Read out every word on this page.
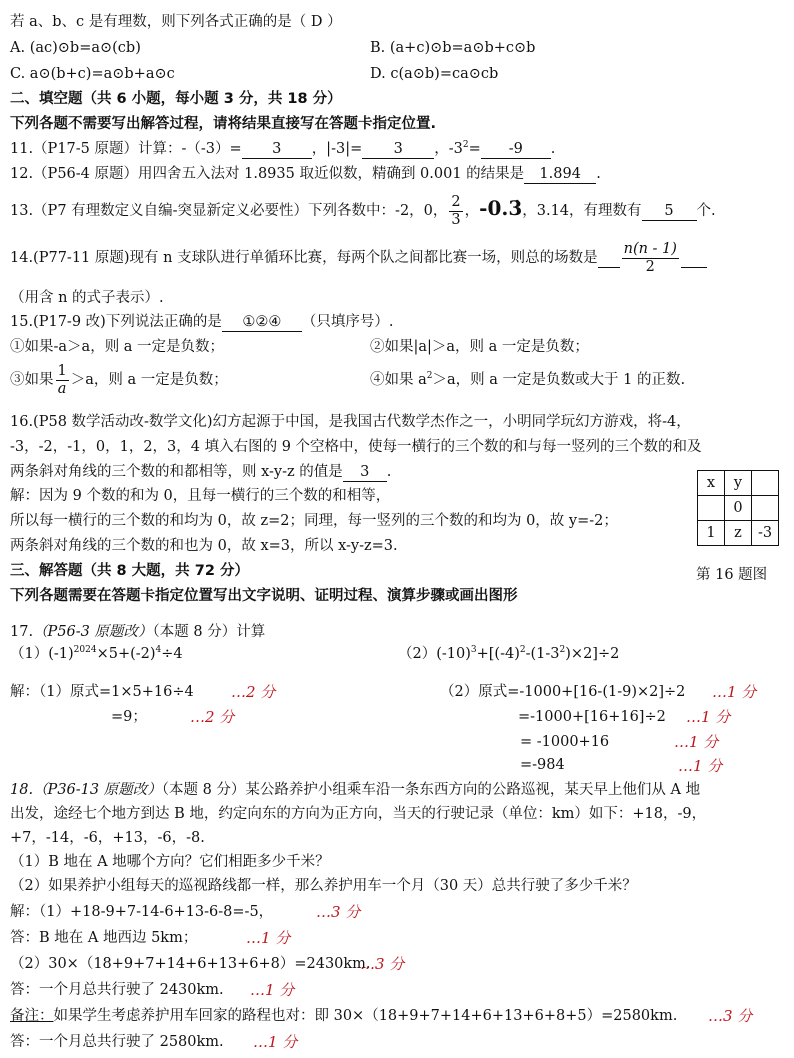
若 a、b、c 是有理数，则下列各式正确的是（ D ）
A. (ac)⊙b=a⊙(cb)	B. (a+c)⊙b=a⊙b+c⊙b
C. a⊙(b+c)=a⊙b+a⊙c	D. c(a⊙b)=ca⊙cb
二、填空题（共 6 小题，每小题 3 分，共 18 分）
下列各题不需要写出解答过程，请将结果直接写在答题卡指定位置.
11.（P17-5 原题）计算：-（-3）= 3 ，|-3|= 3 ，$-3^2= -9$ .
12.（P56-4 原题）用四舍五入法对 1.8935 取近似数，精确到 0.001 的结果是 1.894 .
13.（P7 有理数定义自编-突显新定义必要性）下列各数中：-2，0， $\frac{2}{3}$ ，-0.3̇，3.14，有理数有 5 个.
14.(P77-11 原题)现有 n 支球队进行单循环比赛，每两个队之间都比赛一场，则总的场数是 $\frac{n(n - 1)}{2}$

（用含 n 的式子表示）.
15.(P17-9 改)下列说法正确的是 ①②④ （只填序号）.
①如果-a＞a，则 a 一定是负数；	②如果|a|＞a，则 a 一定是负数；
③如果 $\frac{1}{a} >a$，则 a 一定是负数；	④如果 $a^2>a$，则 a 一定是负数或大于 1 的正数.
16.(P58 数学活动改-数学文化)幻方起源于中国，是我国古代数学杰作之一，小明同学玩幻方游戏，将-4，
-3，-2，-1，0，1，2，3，4 填入右图的 9 个空格中，使每一横行的三个数的和与每一竖列的三个数的和及
两条斜对角线的三个数的和都相等，则 x-y-z 的值是 3 .
解：因为 9 个数的和为 0，且每一横行的三个数的和相等，
所以每一横行的三个数的和均为 0，故 z=2；同理，每一竖列的三个数的和均为 0，故 y=-2；
两条斜对角线的三个数的和也为 0，故 x=3，所以 x-y-z=3.
x	y	
	0	
1	z	-3
第 16 题图
三、解答题（共 8 大题，共 72 分）
下列各题需要在答题卡指定位置写出文字说明、证明过程、演算步骤或画出图形
17.（P56-3 原题改）（本题 8 分）计算
$(1)(-1)^{2024}\times 5+(-2)^4\div 4$	$(2)(-10)^3+[(-4)^2-(1-3^2)\times 2]\div 2$
解：（1）原式=1×5+16÷4 …2 分
=9；	…2 分
（2）原式=-1000+[16-(1-9)×2]÷2 …1 分
=-1000+[16+16]÷2 …1 分
= -1000+16	…1 分
=-984	…1 分
18.（P36-13 原题改）（本题 8 分）某公路养护小组乘车沿一条东西方向的公路巡视，某天早上他们从 A 地
出发，途经七个地方到达 B 地，约定向东的方向为正方向，当天的行驶记录（单位：km）如下：+18，-9，
+7，-14，-6，+13，-6，-8.
（1）B 地在 A 地哪个方向？它们相距多少千米？
（2）如果养护小组每天的巡视路线都一样，那么养护用车一个月（30 天）总共行驶了多少千米？
解：（1）+18-9+7-14-6+13-6-8=-5，	…3 分
答：B 地在 A 地西边 5km；	…1 分
（2）30×（18+9+7+14+6+13+6+8）=2430km.
…3 分
答：一个月总共行驶了 2430km. …1 分
备注：如果学生考虑养护用车回家的路程也对：即 30×（18+9+7+14+6+13+6+8+5）=2580km. …3 分
答：一个月总共行驶了 2580km. …1 分
